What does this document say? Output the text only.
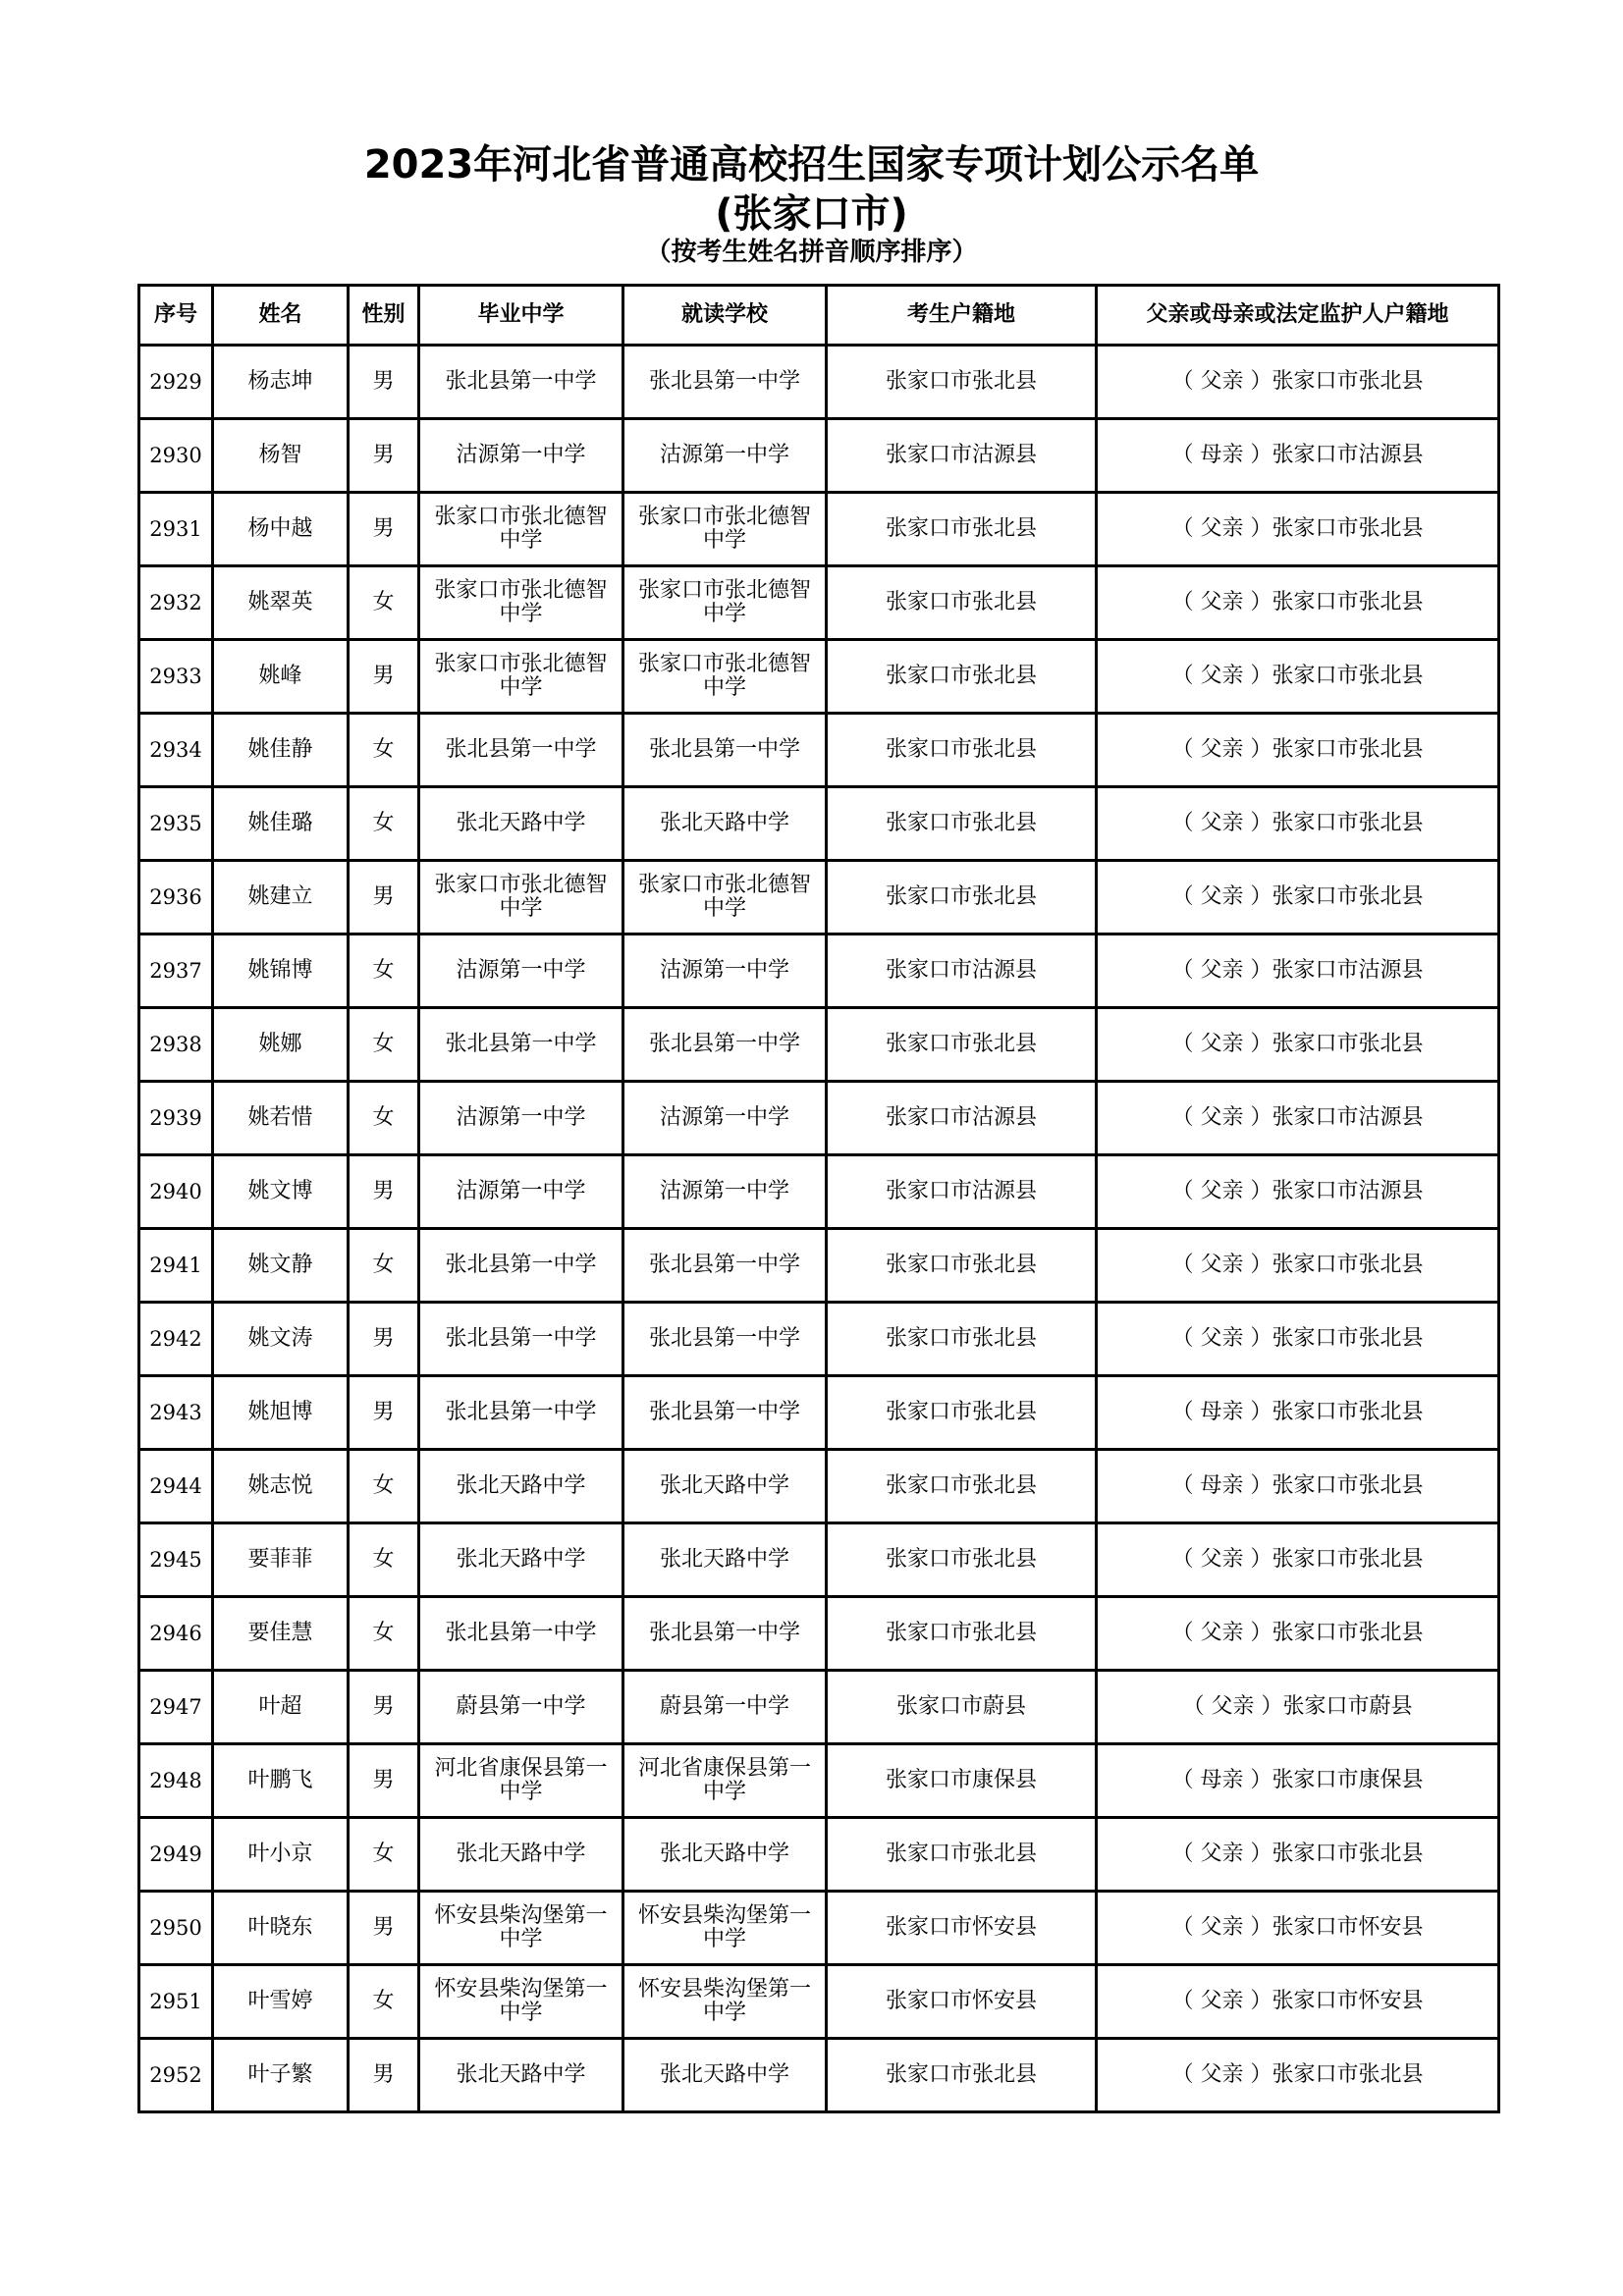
2023年河北省普通高校招生国家专项计划公示名单
(张家口市)
（按考生姓名拼音顺序排序）
序号	姓名	性别	毕业中学	就读学校	考生户籍地	父亲或母亲或法定监护人户籍地
2929	杨志坤	男	张北县第一中学	张北县第一中学	张家口市张北县	（ 父亲 ）张家口市张北县
2930	杨智	男	沽源第一中学	沽源第一中学	张家口市沽源县	（ 母亲 ）张家口市沽源县
2931	杨中越	男	张家口市张北德智中学	张家口市张北德智中学	张家口市张北县	（ 父亲 ）张家口市张北县
2932	姚翠英	女	张家口市张北德智中学	张家口市张北德智中学	张家口市张北县	（ 父亲 ）张家口市张北县
2933	姚峰	男	张家口市张北德智中学	张家口市张北德智中学	张家口市张北县	（ 父亲 ）张家口市张北县
2934	姚佳静	女	张北县第一中学	张北县第一中学	张家口市张北县	（ 父亲 ）张家口市张北县
2935	姚佳璐	女	张北天路中学	张北天路中学	张家口市张北县	（ 父亲 ）张家口市张北县
2936	姚建立	男	张家口市张北德智中学	张家口市张北德智中学	张家口市张北县	（ 父亲 ）张家口市张北县
2937	姚锦博	女	沽源第一中学	沽源第一中学	张家口市沽源县	（ 父亲 ）张家口市沽源县
2938	姚娜	女	张北县第一中学	张北县第一中学	张家口市张北县	（ 父亲 ）张家口市张北县
2939	姚若惜	女	沽源第一中学	沽源第一中学	张家口市沽源县	（ 父亲 ）张家口市沽源县
2940	姚文博	男	沽源第一中学	沽源第一中学	张家口市沽源县	（ 父亲 ）张家口市沽源县
2941	姚文静	女	张北县第一中学	张北县第一中学	张家口市张北县	（ 父亲 ）张家口市张北县
2942	姚文涛	男	张北县第一中学	张北县第一中学	张家口市张北县	（ 父亲 ）张家口市张北县
2943	姚旭博	男	张北县第一中学	张北县第一中学	张家口市张北县	（ 母亲 ）张家口市张北县
2944	姚志悦	女	张北天路中学	张北天路中学	张家口市张北县	（ 母亲 ）张家口市张北县
2945	要菲菲	女	张北天路中学	张北天路中学	张家口市张北县	（ 父亲 ）张家口市张北县
2946	要佳慧	女	张北县第一中学	张北县第一中学	张家口市张北县	（ 父亲 ）张家口市张北县
2947	叶超	男	蔚县第一中学	蔚县第一中学	张家口市蔚县	（ 父亲 ）张家口市蔚县
2948	叶鹏飞	男	河北省康保县第一中学	河北省康保县第一中学	张家口市康保县	（ 母亲 ）张家口市康保县
2949	叶小京	女	张北天路中学	张北天路中学	张家口市张北县	（ 父亲 ）张家口市张北县
2950	叶晓东	男	怀安县柴沟堡第一中学	怀安县柴沟堡第一中学	张家口市怀安县	（ 父亲 ）张家口市怀安县
2951	叶雪婷	女	怀安县柴沟堡第一中学	怀安县柴沟堡第一中学	张家口市怀安县	（ 父亲 ）张家口市怀安县
2952	叶子繁	男	张北天路中学	张北天路中学	张家口市张北县	（ 父亲 ）张家口市张北县
